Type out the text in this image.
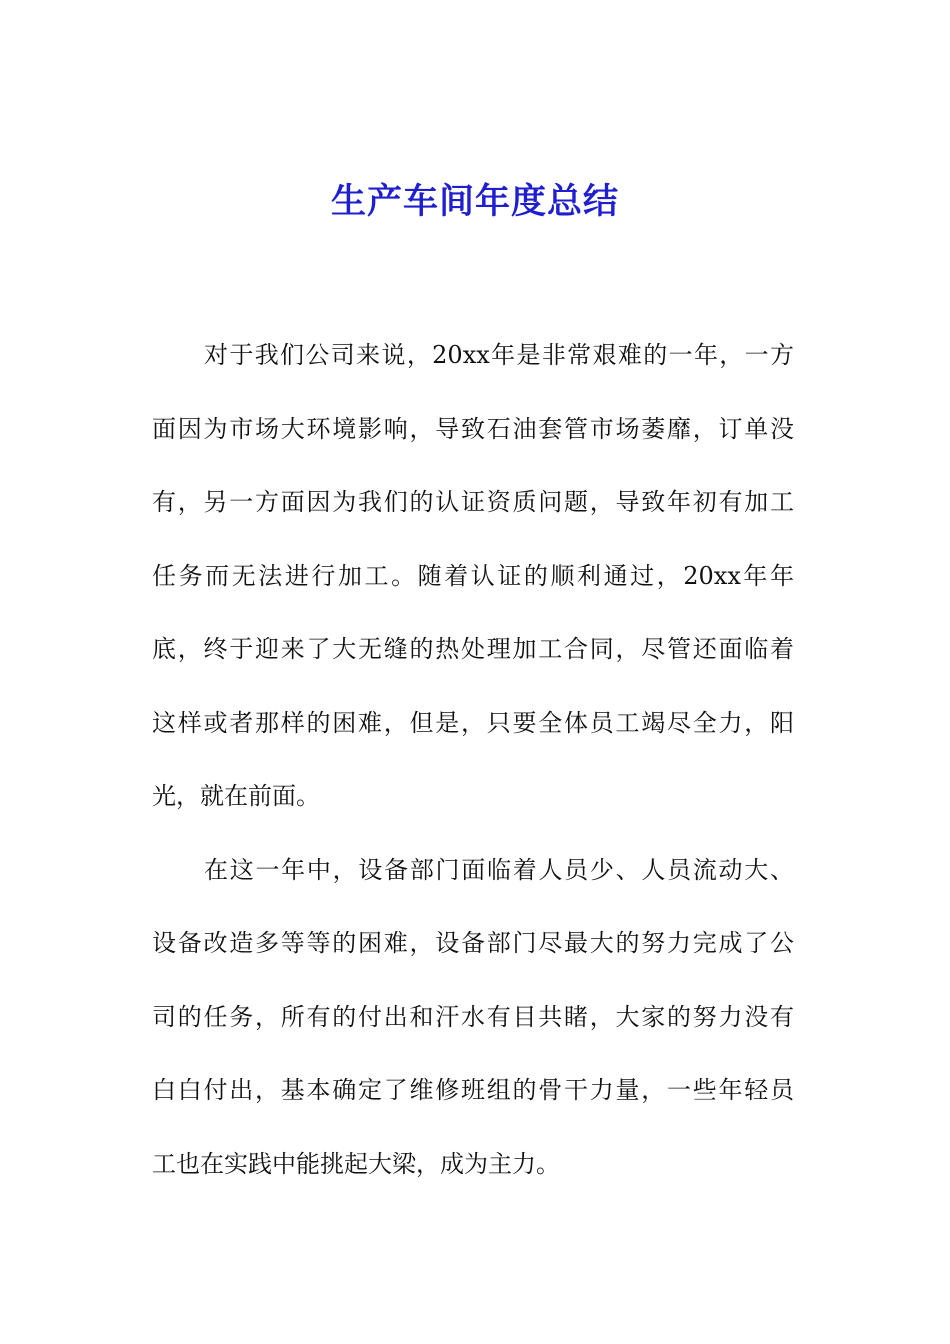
生产车间年度总结

对于我们公司来说，20xx年是非常艰难的一年，一方
面因为市场大环境影响，导致石油套管市场萎靡，订单没
有，另一方面因为我们的认证资质问题，导致年初有加工
任务而无法进行加工。随着认证的顺利通过，20xx年年
底，终于迎来了大无缝的热处理加工合同，尽管还面临着
这样或者那样的困难，但是，只要全体员工竭尽全力，阳
光，就在前面。

在这一年中，设备部门面临着人员少、人员流动大、
设备改造多等等的困难，设备部门尽最大的努力完成了公
司的任务，所有的付出和汗水有目共睹，大家的努力没有
白白付出，基本确定了维修班组的骨干力量，一些年轻员
工也在实践中能挑起大梁，成为主力。
